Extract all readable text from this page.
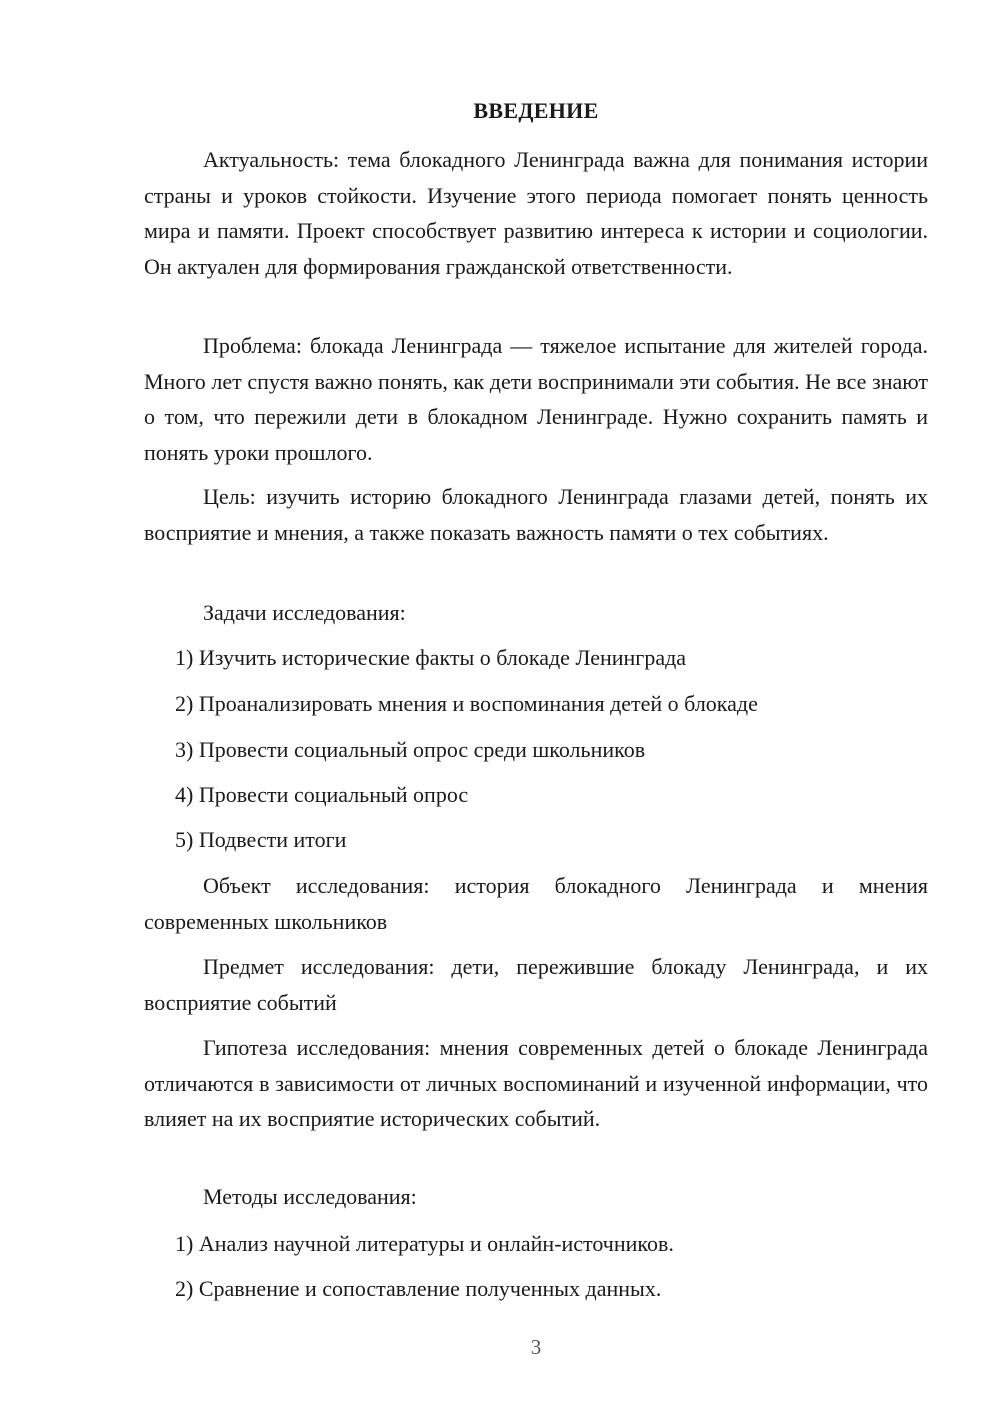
ВВЕДЕНИЕ

Актуальность: тема блокадного Ленинграда важна для понимания истории страны и уроков стойкости. Изучение этого периода помогает понять ценность мира и памяти. Проект способствует развитию интереса к истории и социологии. Он актуален для формирования гражданской ответственности.

Проблема: блокада Ленинграда — тяжелое испытание для жителей города. Много лет спустя важно понять, как дети воспринимали эти события. Не все знают о том, что пережили дети в блокадном Ленинграде. Нужно сохранить память и понять уроки прошлого.

Цель: изучить историю блокадного Ленинграда глазами детей, понять их восприятие и мнения, а также показать важность памяти о тех событиях.

Задачи исследования:
1) Изучить исторические факты о блокаде Ленинграда
2) Проанализировать мнения и воспоминания детей о блокаде
3) Провести социальный опрос среди школьников
4) Провести социальный опрос
5) Подвести итоги

Объект исследования: история блокадного Ленинграда и мнения современных школьников

Предмет исследования: дети, пережившие блокаду Ленинграда, и их восприятие событий

Гипотеза исследования: мнения современных детей о блокаде Ленинграда отличаются в зависимости от личных воспоминаний и изученной информации, что влияет на их восприятие исторических событий.

Методы исследования:
1) Анализ научной литературы и онлайн-источников.
2) Сравнение и сопоставление полученных данных.
3
